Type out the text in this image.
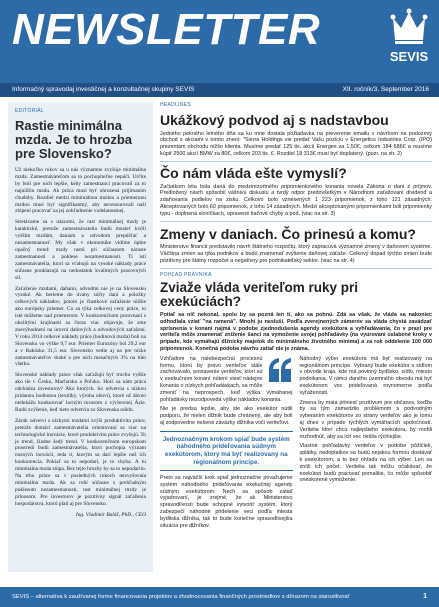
NEWSLETTER
SEVIS
Informačný spravodaj investičnej a konzultačnej skupiny SEVIS	XII. ročník/3, September 2016
EDITORIÁL
Rastie minimálna mzda. Je to hrozba pre Slovensko?

Už niekoľko rokov sa u nás významne zvyšuje minimálna mzda. Zamestnávateľom sa to pochopiteľne nepáči. Určite by boli pre nich lepšie, keby zamestnanci pracovali za to najnižšiu mzdu. Ak práca musí byť ohrozená prijímaním chudoby. Rozdiel medzi minimálnou mzdou a priemernou mzdou musí byť signifikantný, aby necenzurovali naši zlúpení pracovať za jej zohľadnenie vzdelanostnej.

Stretávame sa s názormi, že rast minimálnej mzdy je kataktické, pretože zamestnávatelia budú musieť kvôli vyšším mzdám, daniam a odvodom prepúšťať a nezamestnanosť. My však v ekonomike vidíme úplne opačný trend: mzdy rastú pri súčasnom náraste zamestnanosti a poklese nezamestnanosti. Ti istí zamestnávatelia, ktorí sa vťahujú na vysoké náklady práce súčasne pouklazujú na nedostatok kvalitných pracovných síl.

Zaťaženie mzdami, daňami, odvodmi nie je na Slovensku vysoké. Ak berieme do úvahy súčty daní a položky celkových nákladov, potom je čiastkové zaťaženie nižšie ako európsky priemer. Co sa týka celkovej ceny práce, to isté môžeme nad priemerom. V konkurenčnom porovnaní s okolitými krajinami sa čoraz viac objavuje, že sme znevýhodnení na úrovni daňových a odvodových zaťažení. V roku 2014 celkové náklady práce (hodinová mzda) boli na Slovensku vo výške 9,7 eur. Priemer Eurozóny bol 29,2 eur a v Rakúsku 31,5 eur. Slovensko vedie aj na pre nízke zamestnávateľov drahé a pre nich mesačných 3% na túto všetku.

Slovenské náklady práce však zaťažujú byť trochu vyššie ako tie v Česku, Maďarsku a Poľsku. Hoci sa nám práca odchádza investorov? Ako ktorých. So odvetvia s nízkou pridanou hodnotou (textilky, výroba obuvi), ktoré už dávno nedokážu konkurovať lacným tovarom z výchovnej Ázie. Budú zvýšenie, keď tieto odvetvia zo Slovenska odídu.

Záruk odvetví s nízkymi mzdami zvýši produktivitu práce, pretože domácí zamestnávatelia orientovaní sa viac na technologické inovácie, ktoré produktivitu práce zvyšujú. To je trend, žiadne šedý trend. V konkurenčnom europskom prostredí budú zamestnávatelia, ktorí pochopia význam nosných inovácií, teda tí, ktorým sa darí lepšie než ich konkurencia. Pokiaľ sa to nepodarí, je to chyba. A tu minimálna mzda stúpa. Bez tejto hrozby by sa to nepodarilo. Na trhu práce sa v posledných rokoch nezvyšovala minimálna mzda. Ak sa robí súčasne s prehľadným poklesom nezamestnanosti, rast minimálnej mzdy je prínosom. Pre investorov je pozitívny signál zaťaženia hospodárstva, ktorú platí aj pre Slovensko.

Ing. Vladimír Baláž, PhD., CEO
HEADLINES
Ukážkový podvod aj s nadstavbou
Jedného pekného letného dňa sa ku mne dostala požiadavka na preverenie emailu v návrhom na podozrivý obchod s akciami v tomto znení: "Sierra Holdings vie predať Vašu pozíciu v Energetics Industries Corp. (IPO) prezentam obchodu nižšo klienta. Musíme predať 125 tis. akcií Energex za 1,50€, celkom 184 686€ a musíme kúpiť 2500 akcií BMW za 80€, celkom 203 tis. €. Rozdiel 18 313€ musí byť doplatený. (pozr. na str. 2)
Čo nám vláda ešte vymyslí?
Začiatkom leta bola daná do medzirezortného pripomienkového konania novela Zákona o dani z príjmov. Predložený návrh spôsobil vášnivú diskusiu a tvrdý odpor predovšetkým v Národnom zaťažovaní dividend a zdaňovania podielov na zisku. Celkovo bolo vznesených 1 223 pripomienok, z toho 121 zásadných. Akceptovaných bolo 60 pripomienok, z toho 14 zásadných. Medzi akceptovanými pripomienkami boli pripomienky typu - doplnená slovíčkach, opravené tlačové chyby a pod. (viac na str. 3)
Zmeny v daniach. Čo prinesú a komu?
Ministerstvo financií predstavilo návrh štátneho rozpočtu, ktorý zapracúvá významné zmeny v daňovom systéme. Väčšina zmien sa týka podnikov a budú znamenať zvýšenie daňovej záťaže. Celkový dopad týchto zmien bude pozitívny pre štátny rozpočet a negatívny pre podnikateľský sektor. (viac na str. 4)
POHĽAD PRÁVNIKA
Zviaže vláda veriteľom ruky pri exekúciách?
Potiaľ sa nič nekonal, spolu by sa pozná len tí, ako sa pohnú. Zdá sa však, že vláda sa nakoniec odhodlala vziať "na ramená". Mnohí ju nesluší. Podľa zverejnených zámerov sa vláda chystá zavádzať sprísnenia v konaní najmä v podobe zjednodušenia agendy exekútora a vyhľadávania, čo v praxi pre veriteľa môže znamenať zníženie šancí na vymoženie svojej pohľadávky (na vyúrovaní oslabené kroky v prípade, kde vymáhajú dlžnícky majetok do minimálneho životného minima) a za rok oddelenie 100 000 pripomienok. Konečná podoba návrhu zatiaľ nie je známa.

Vzhľadom na nalebezpečnú procesnú formu, ktorú by právo veriteľov stále zachovávalo, postavenie veriteľov, ktorí sú v exekučnom konaní nútení viesť nádejne konania o nízkych pohľadávkach, sa môže zmeniť na neprospech, keď výška vymáhanej pohľadávky nezodpovedá výške nákladov konania.

Nie je predsa lepšie, aby ste ako exekútor nútili podporu, že nielen dlžník bude chránený, ale aby boli aj zodpovedne riešené záväzky dlžníka voči veriteľovi.

Jednoznačným krokom spiaľ bude systém náhodného prideľovania súdnym exekútorom, ktorý má byť realizovaný na regionálnom princípe.

Preto sa najväčší krok spiaľ jednoznačne považujeme systém náhodného prideľovania exekučnej agendy súdnym exekútorom. Nech sa spôsob zatiaľ vyjadrovaní, je zrejmé, že ak Ministerstvo spravodlivosti bude schopné vytvoriť systém, ktorý zabezpečí náhodné pridelenie veci podľa miesta bydliska dlžníka, tak to bude konečne spravodlivejšia situácia pre dlžníkov.

Náhodný výber exekútora má byť realizovaný na regionálnom princípe. Vybraný bude exekútor s sídlom v obvode kraja, kde má povinný bydlisko, sídlo, miesto podnikania. V rámci daného územného obvodu má byť exekútorom vec prideľovaná rovnomerne podľa vyťaženosti.

Zmena by mala priniesť pozitívum pre občanov, keďže by sa tým zamedzilo problémom s podvodným vyberaním exekútorov zo strany veriteľov ako je tomu aj dnes v prípade rýchlych vymáhacích spoločností. Veritelia ktorí chcú najlepšieho exekútora, by mohli rozhodnúť, aby sa ich vec riešila rýchlejšie.

Vlastné pohľadávky veriteľov v podobe pôžičiek, splátky, nedoplatkov sa budú nejakou formou dostávať k exekútorom, a to bez ohľadu na ich výber. Len sa zníži ich počet. Veritelia tak môžu očakávať, že exekútori budú pracovať pomalšie, čo môže spôsobiť oneskorené vymoženie.

SEVIS – alternatíva k zaužívanej forme financovania projektov a zhodnocovania finančných prostriedkov s dôrazom na starostlivosť	1
